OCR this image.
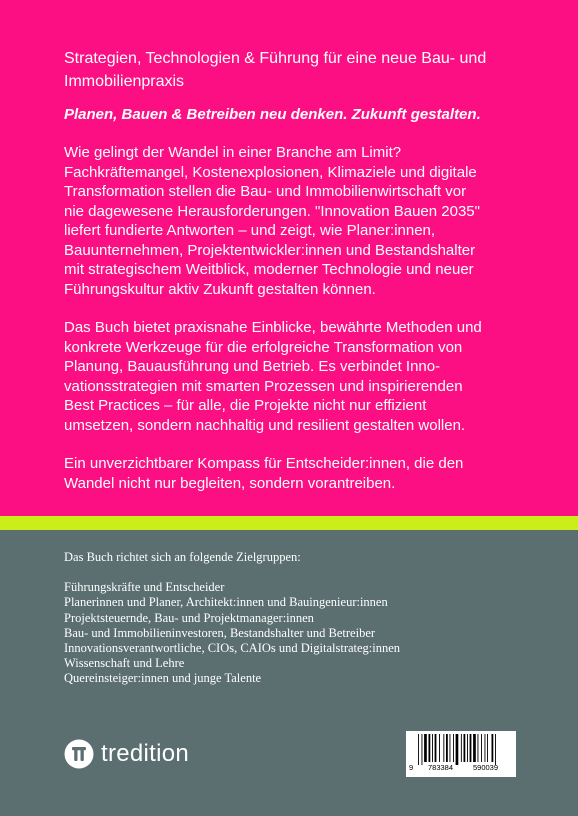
Strategien, Technologien & Führung für eine neue Bau- und Immobilienpraxis
Planen, Bauen & Betreiben neu denken. Zukunft gestalten.
Wie gelingt der Wandel in einer Branche am Limit?
Fachkräftemangel, Kostenexplosionen, Klimaziele und digitale
Transformation stellen die Bau- und Immobilienwirtschaft vor
nie dagewesene Herausforderungen. "Innovation Bauen 2035"
liefert fundierte Antworten – und zeigt, wie Planer:innen,
Bauunternehmen, Projektentwickler:innen und Bestandshalter
mit strategischem Weitblick, moderner Technologie und neuer
Führungskultur aktiv Zukunft gestalten können.
Das Buch bietet praxisnahe Einblicke, bewährte Methoden und
konkrete Werkzeuge für die erfolgreiche Transformation von
Planung, Bauausführung und Betrieb. Es verbindet Inno-
vationsstrategien mit smarten Prozessen und inspirierenden
Best Practices – für alle, die Projekte nicht nur effizient
umsetzen, sondern nachhaltig und resilient gestalten wollen.
Ein unverzichtbarer Kompass für Entscheider:innen, die den
Wandel nicht nur begleiten, sondern vorantreiben.

Das Buch richtet sich an folgende Zielgruppen:

Führungskräfte und Entscheider
Planerinnen und Planer, Architekt:innen und Bauingenieur:innen
Projektsteuernde, Bau- und Projektmanager:innen
Bau- und Immobilieninvestoren, Bestandshalter und Betreiber
Innovationsverantwortliche, CIOs, CAIOs und Digitalstrateg:innen
Wissenschaft und Lehre
Quereinsteiger:innen und junge Talente
tredition
9 783384	590039
